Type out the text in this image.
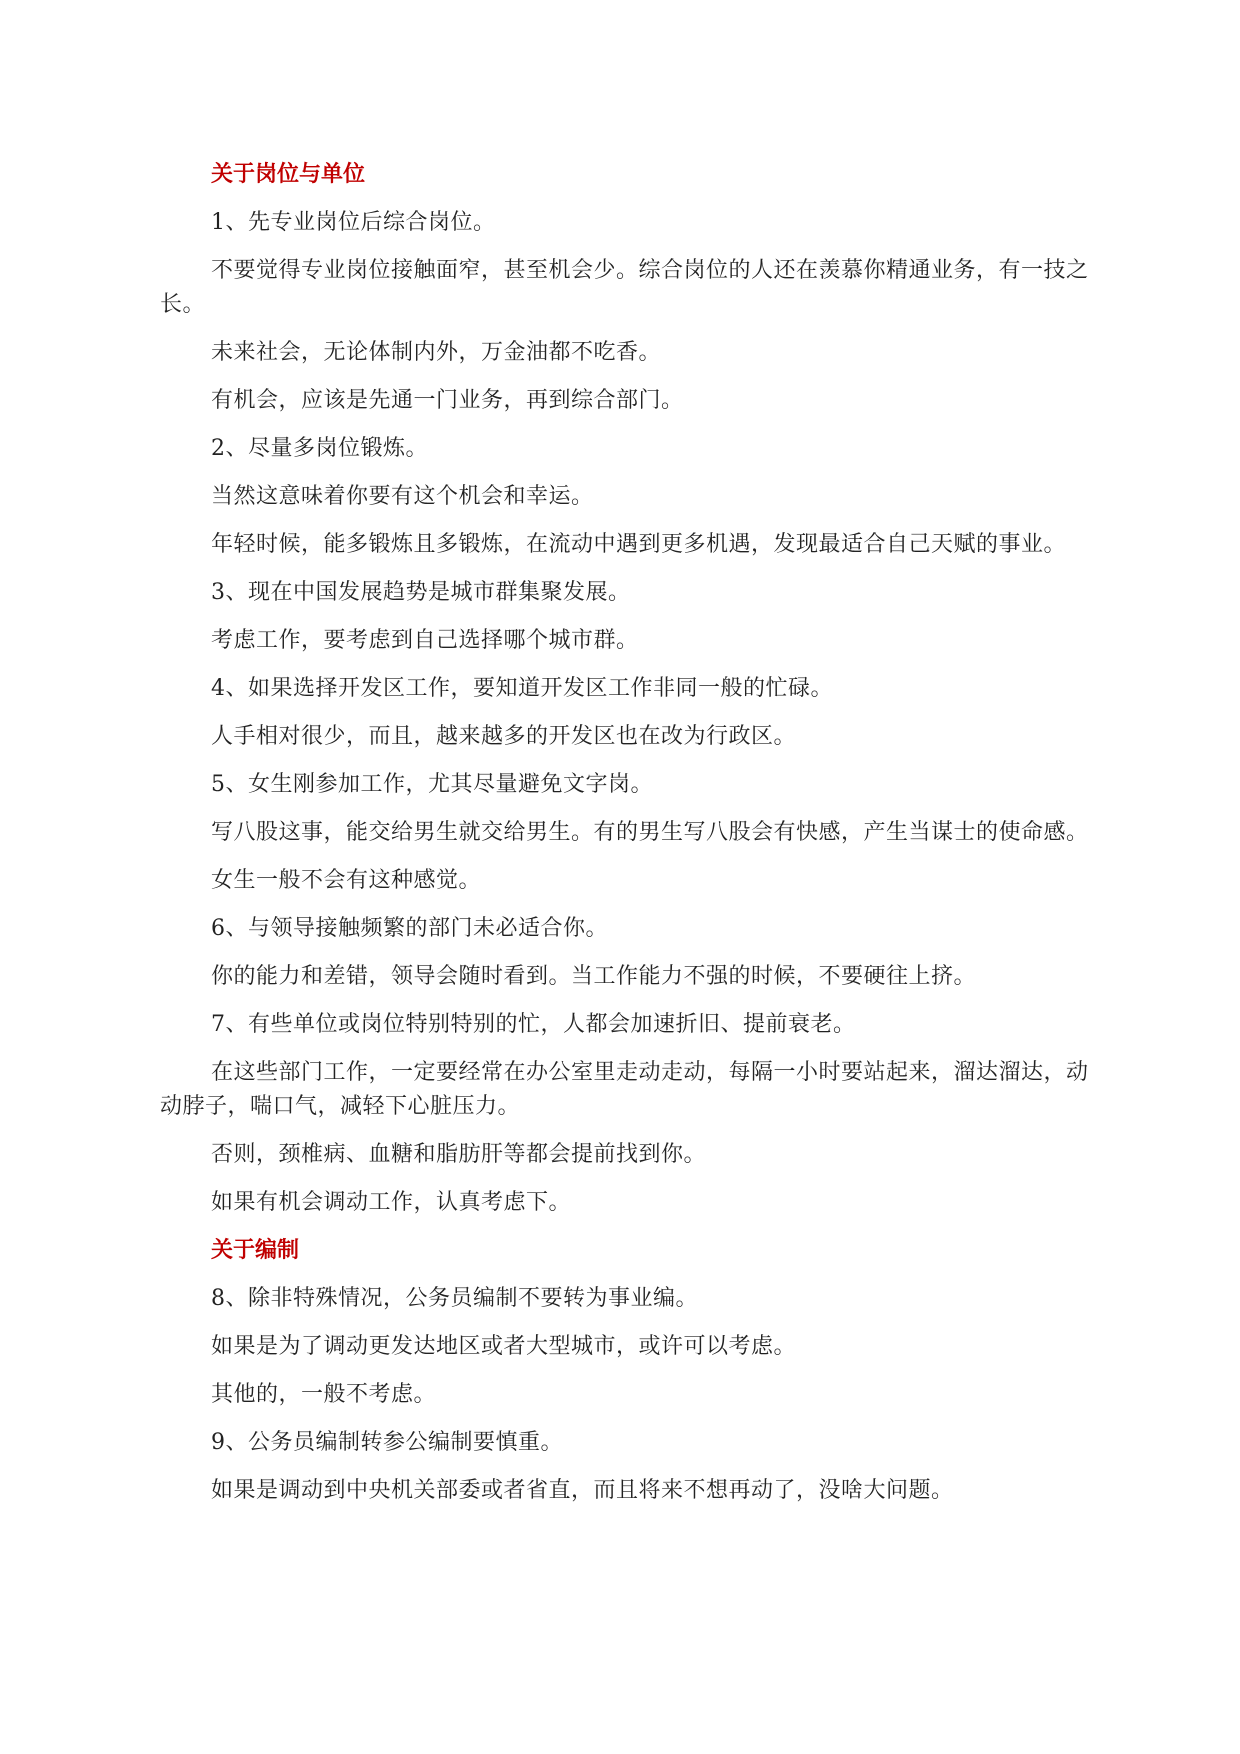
关于岗位与单位

1、先专业岗位后综合岗位。

不要觉得专业岗位接触面窄，甚至机会少。综合岗位的人还在羡慕你精通业务，有一技之长。

未来社会，无论体制内外，万金油都不吃香。

有机会，应该是先通一门业务，再到综合部门。

2、尽量多岗位锻炼。

当然这意味着你要有这个机会和幸运。

年轻时候，能多锻炼且多锻炼，在流动中遇到更多机遇，发现最适合自己天赋的事业。

3、现在中国发展趋势是城市群集聚发展。

考虑工作，要考虑到自己选择哪个城市群。

4、如果选择开发区工作，要知道开发区工作非同一般的忙碌。

人手相对很少，而且，越来越多的开发区也在改为行政区。

5、女生刚参加工作，尤其尽量避免文字岗。

写八股这事，能交给男生就交给男生。有的男生写八股会有快感，产生当谋士的使命感。

女生一般不会有这种感觉。

6、与领导接触频繁的部门未必适合你。

你的能力和差错，领导会随时看到。当工作能力不强的时候，不要硬往上挤。

7、有些单位或岗位特别特别的忙，人都会加速折旧、提前衰老。

在这些部门工作，一定要经常在办公室里走动走动，每隔一小时要站起来，溜达溜达，动动脖子，喘口气，减轻下心脏压力。

否则，颈椎病、血糖和脂肪肝等都会提前找到你。

如果有机会调动工作，认真考虑下。

关于编制

8、除非特殊情况，公务员编制不要转为事业编。

如果是为了调动更发达地区或者大型城市，或许可以考虑。

其他的，一般不考虑。

9、公务员编制转参公编制要慎重。

如果是调动到中央机关部委或者省直，而且将来不想再动了，没啥大问题。
